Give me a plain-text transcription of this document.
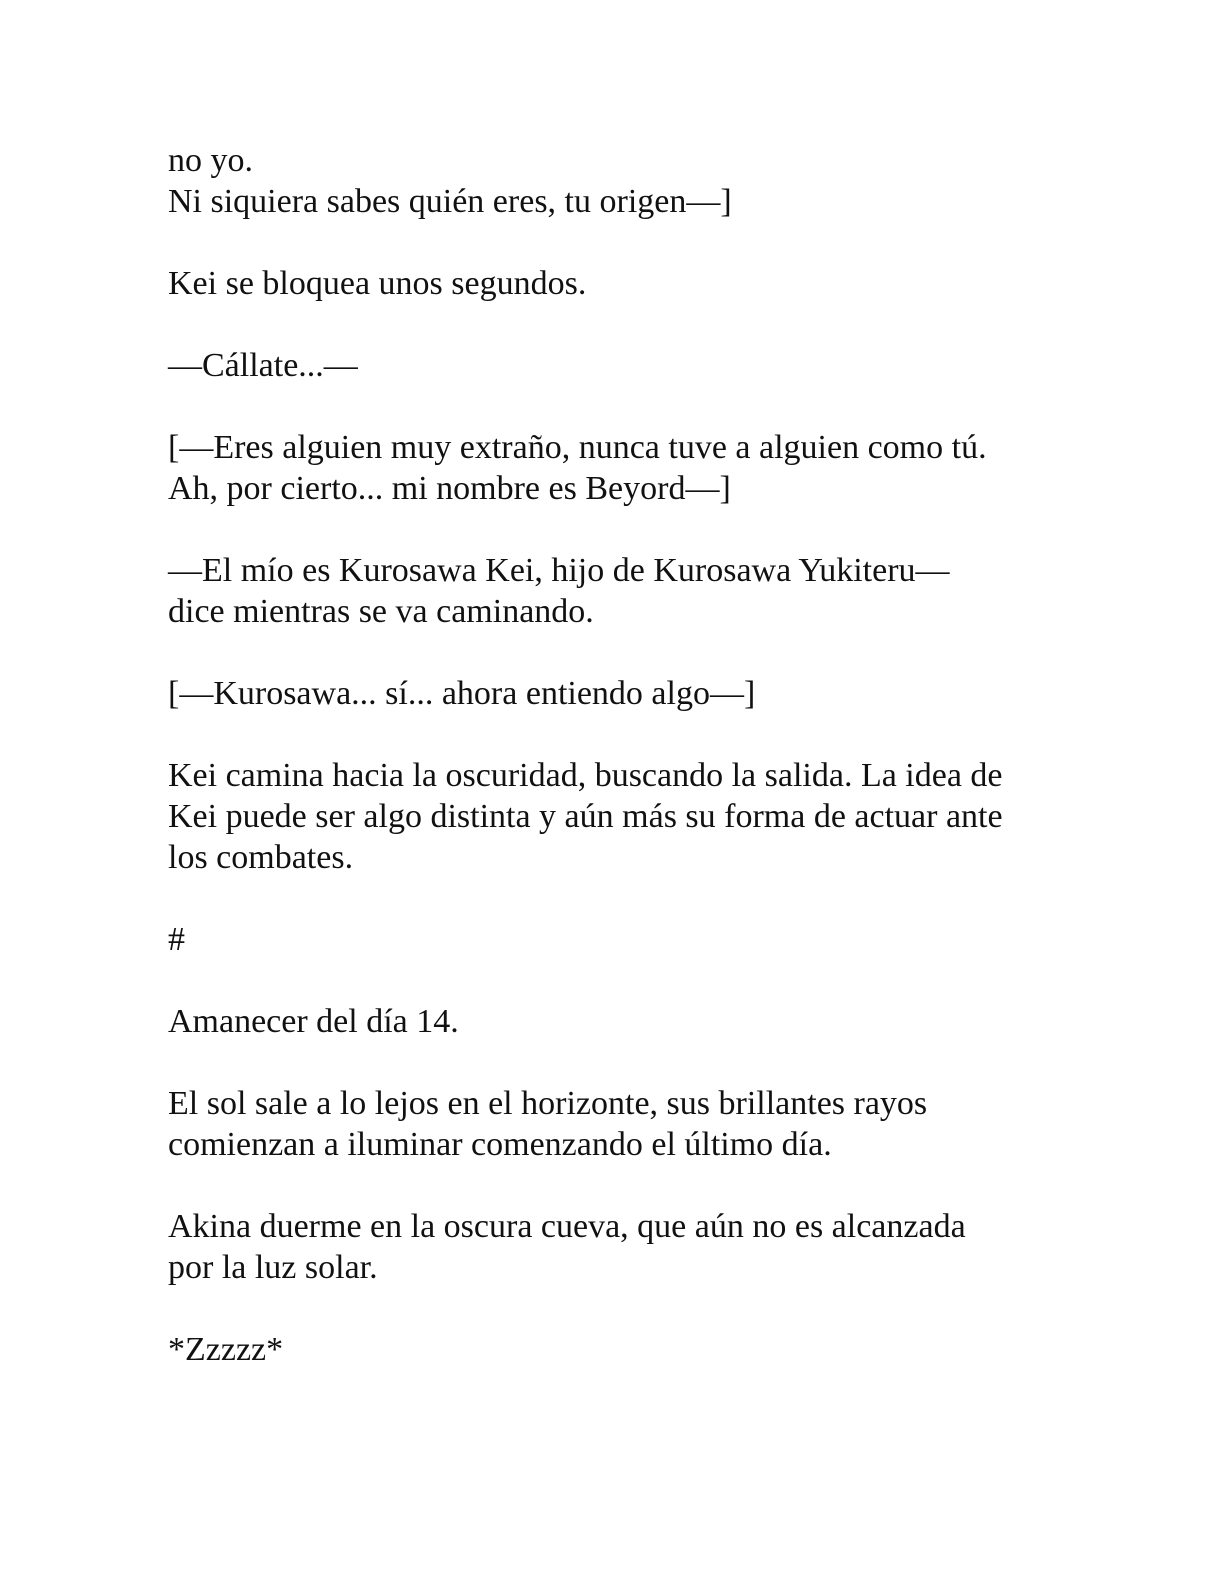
no yo.
Ni siquiera sabes quién eres, tu origen—]

Kei se bloquea unos segundos.

—Cállate...—

[—Eres alguien muy extraño, nunca tuve a alguien como tú.
Ah, por cierto... mi nombre es Beyord—]

—El mío es Kurosawa Kei, hijo de Kurosawa Yukiteru—
dice mientras se va caminando.

[—Kurosawa... sí... ahora entiendo algo—]

Kei camina hacia la oscuridad, buscando la salida. La idea de
Kei puede ser algo distinta y aún más su forma de actuar ante
los combates.

#

Amanecer del día 14.

El sol sale a lo lejos en el horizonte, sus brillantes rayos
comienzan a iluminar comenzando el último día.

Akina duerme en la oscura cueva, que aún no es alcanzada
por la luz solar.

*Zzzzz*
